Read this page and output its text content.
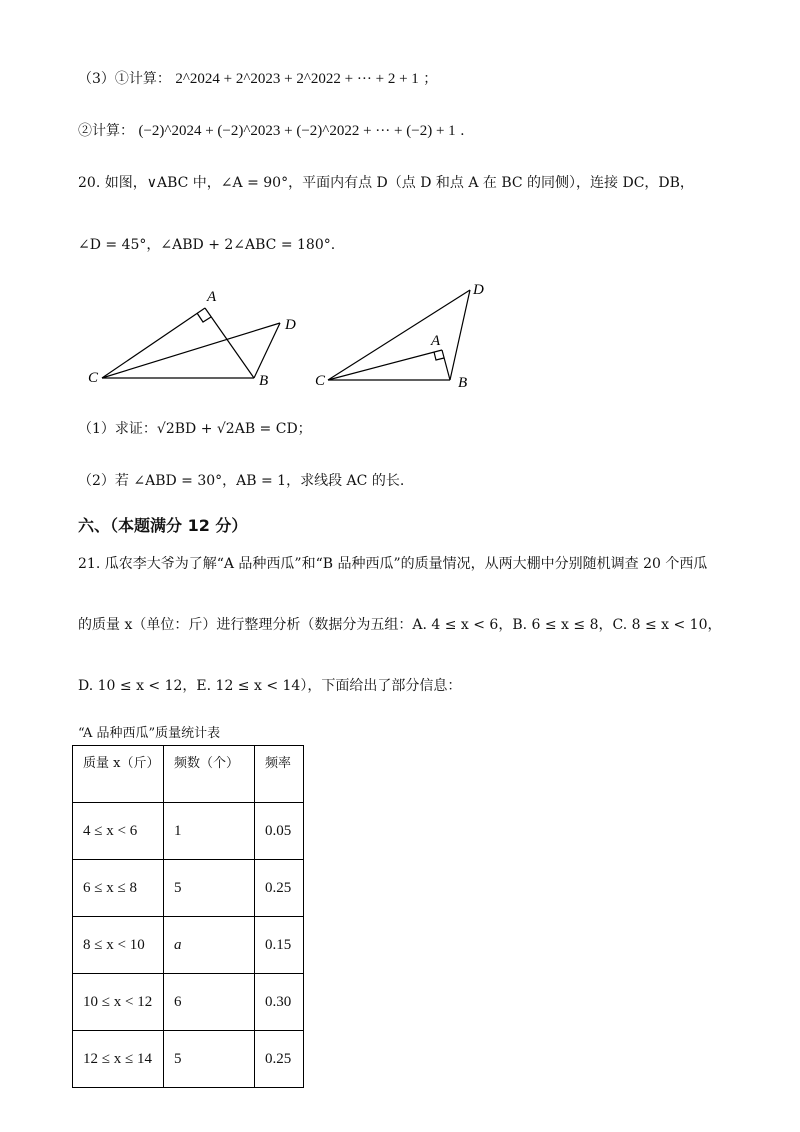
（3）①计算： 2^2024 + 2^2023 + 2^2022 + ··· + 2 + 1 ；
②计算： (−2)^2024 + (−2)^2023 + (−2)^2022 + ··· + (−2) + 1 .
20. 如图，∨ABC 中，∠A = 90°，平面内有点 D（点 D 和点 A 在 BC 的同侧），连接 DC，DB，
∠D = 45°，∠ABD + 2∠ABC = 180°.
A
C	B
D
D
A
C	B
（1）求证：√2BD + √2AB = CD；
（2）若 ∠ABD = 30°，AB = 1，求线段 AC 的长.
六、（本题满分 12 分）
21. 瓜农李大爷为了解“A 品种西瓜”和“B 品种西瓜”的质量情况，从两大棚中分别随机调查 20 个西瓜
的质量 x（单位：斤）进行整理分析（数据分为五组：A. 4 ≤ x < 6，B. 6 ≤ x ≤ 8，C. 8 ≤ x < 10，
D. 10 ≤ x < 12，E. 12 ≤ x < 14），下面给出了部分信息：
“A 品种西瓜”质量统计表
质量 x（斤）	频数（个）	频率
4 ≤ x < 6	1	0.05
6 ≤ x ≤ 8	5	0.25
8 ≤ x < 10	a	0.15
10 ≤ x < 12	6	0.30
12 ≤ x ≤ 14	5	0.25
